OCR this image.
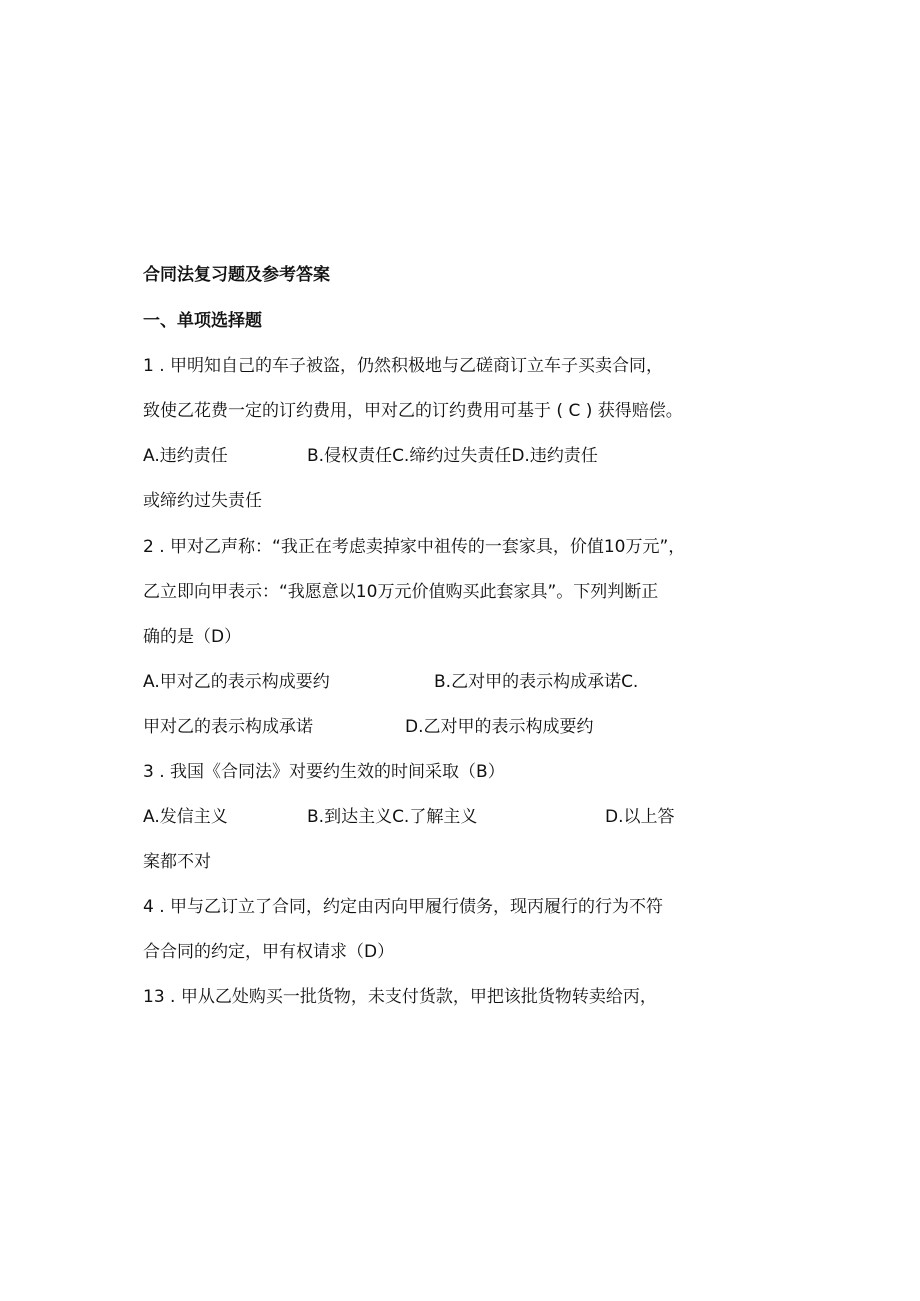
合同法复习题及参考答案
一、单项选择题
1 . 甲明知自己的车子被盗，仍然积极地与乙磋商订立车子买卖合同，
致使乙花费一定的订约费用，甲对乙的订约费用可基于 ( C ) 获得赔偿。
A.违约责任	B.侵权责任C.缔约过失责任D.违约责任
或缔约过失责任
2 . 甲对乙声称：“我正在考虑卖掉家中祖传的一套家具，价值10万元”，
乙立即向甲表示：“我愿意以10万元价值购买此套家具”。下列判断正
确的是（D）
A.甲对乙的表示构成要约	B.乙对甲的表示构成承诺C.
甲对乙的表示构成承诺	D.乙对甲的表示构成要约
3 . 我国《合同法》对要约生效的时间采取（B）
A.发信主义	B.到达主义C.了解主义	D.以上答
案都不对
4 . 甲与乙订立了合同，约定由丙向甲履行债务，现丙履行的行为不符
合合同的约定，甲有权请求（D）
13 . 甲从乙处购买一批货物，未支付货款，甲把该批货物转卖给丙，
